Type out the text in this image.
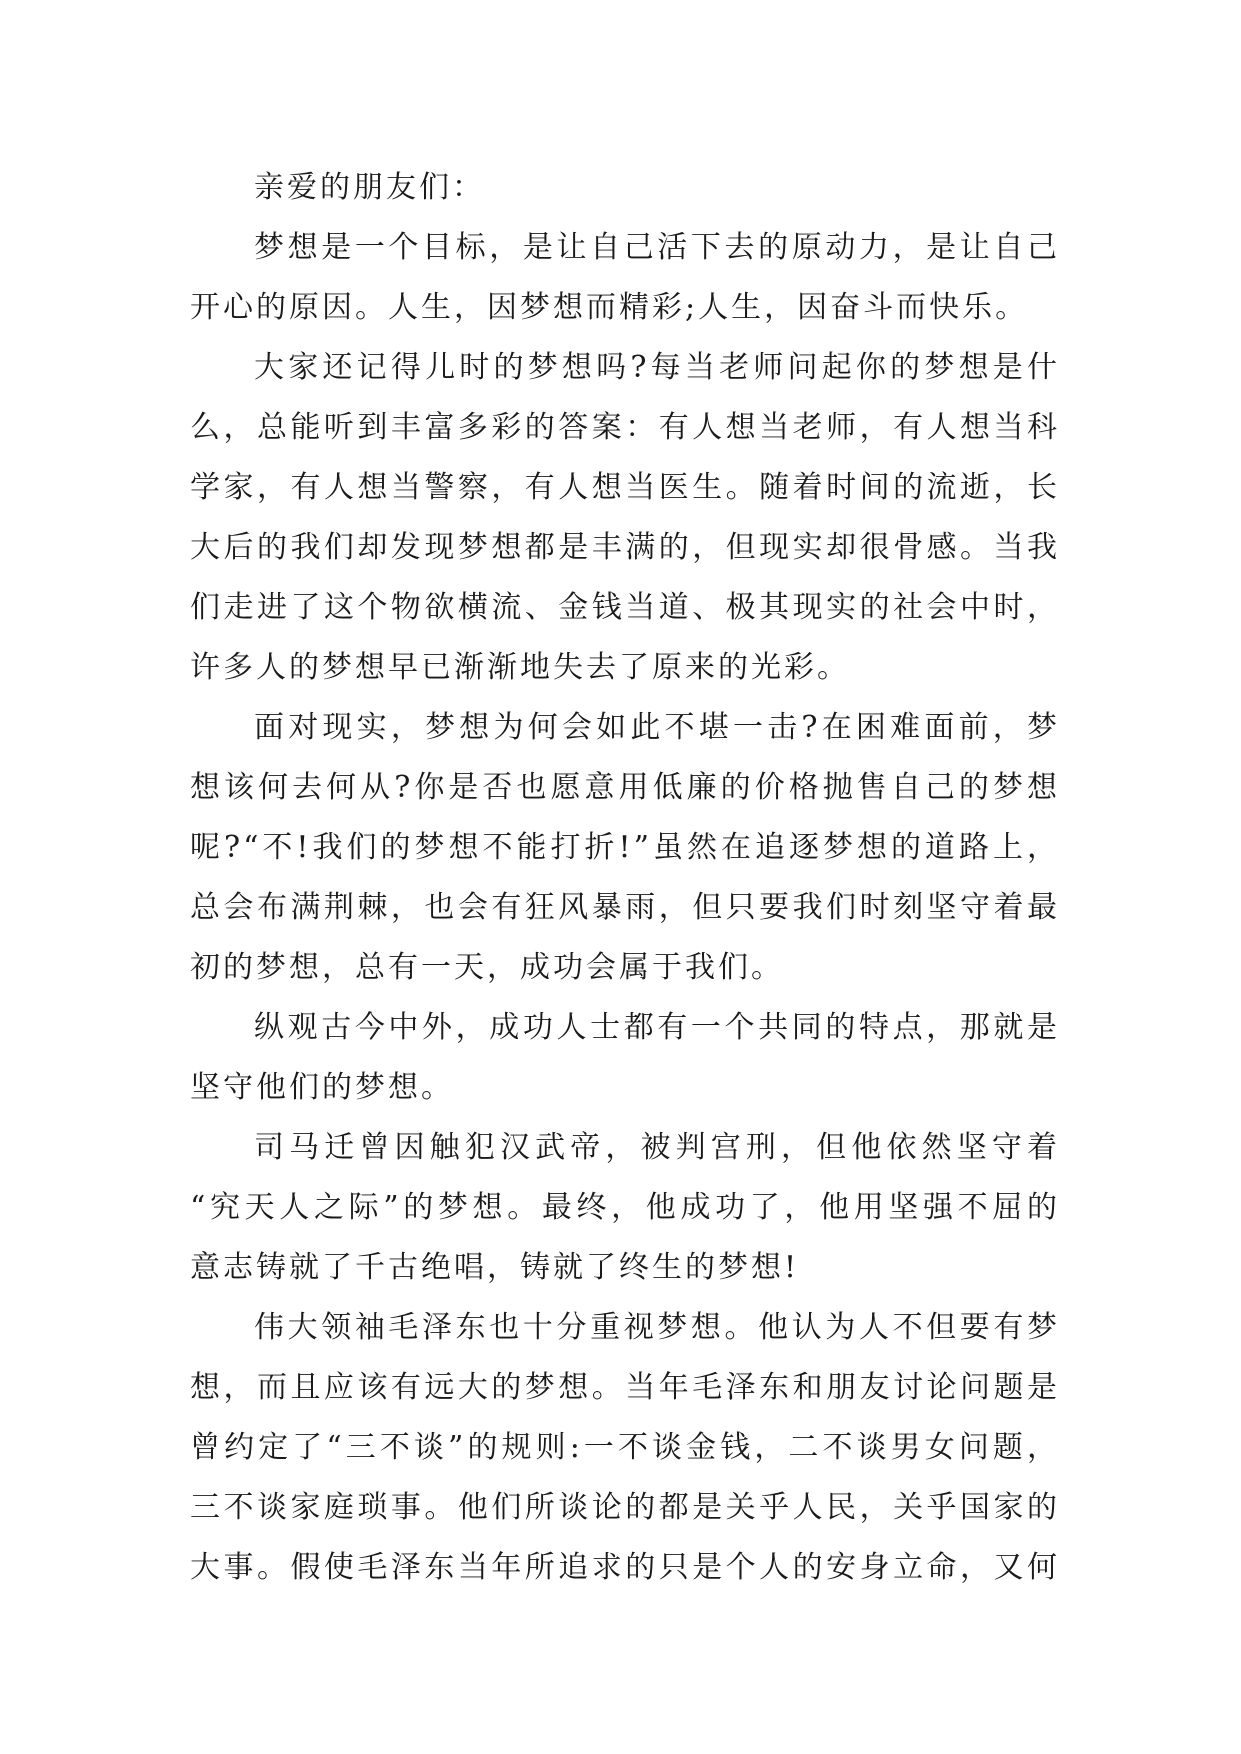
亲爱的朋友们：
梦想是一个目标，是让自己活下去的原动力，是让自己
开心的原因。人生，因梦想而精彩;人生，因奋斗而快乐。
大家还记得儿时的梦想吗?每当老师问起你的梦想是什
么，总能听到丰富多彩的答案：有人想当老师，有人想当科
学家，有人想当警察，有人想当医生。随着时间的流逝，长
大后的我们却发现梦想都是丰满的，但现实却很骨感。当我
们走进了这个物欲横流、金钱当道、极其现实的社会中时，
许多人的梦想早已渐渐地失去了原来的光彩。
面对现实，梦想为何会如此不堪一击?在困难面前，梦
想该何去何从?你是否也愿意用低廉的价格抛售自己的梦想
呢?“不!我们的梦想不能打折!”虽然在追逐梦想的道路上，
总会布满荆棘，也会有狂风暴雨，但只要我们时刻坚守着最
初的梦想，总有一天，成功会属于我们。
纵观古今中外，成功人士都有一个共同的特点，那就是
坚守他们的梦想。
司马迁曾因触犯汉武帝，被判宫刑，但他依然坚守着
“究天人之际”的梦想。最终，他成功了，他用坚强不屈的
意志铸就了千古绝唱，铸就了终生的梦想!
伟大领袖毛泽东也十分重视梦想。他认为人不但要有梦
想，而且应该有远大的梦想。当年毛泽东和朋友讨论问题是
曾约定了“三不谈”的规则:一不谈金钱，二不谈男女问题，
三不谈家庭琐事。他们所谈论的都是关乎人民，关乎国家的
大事。假使毛泽东当年所追求的只是个人的安身立命，又何
